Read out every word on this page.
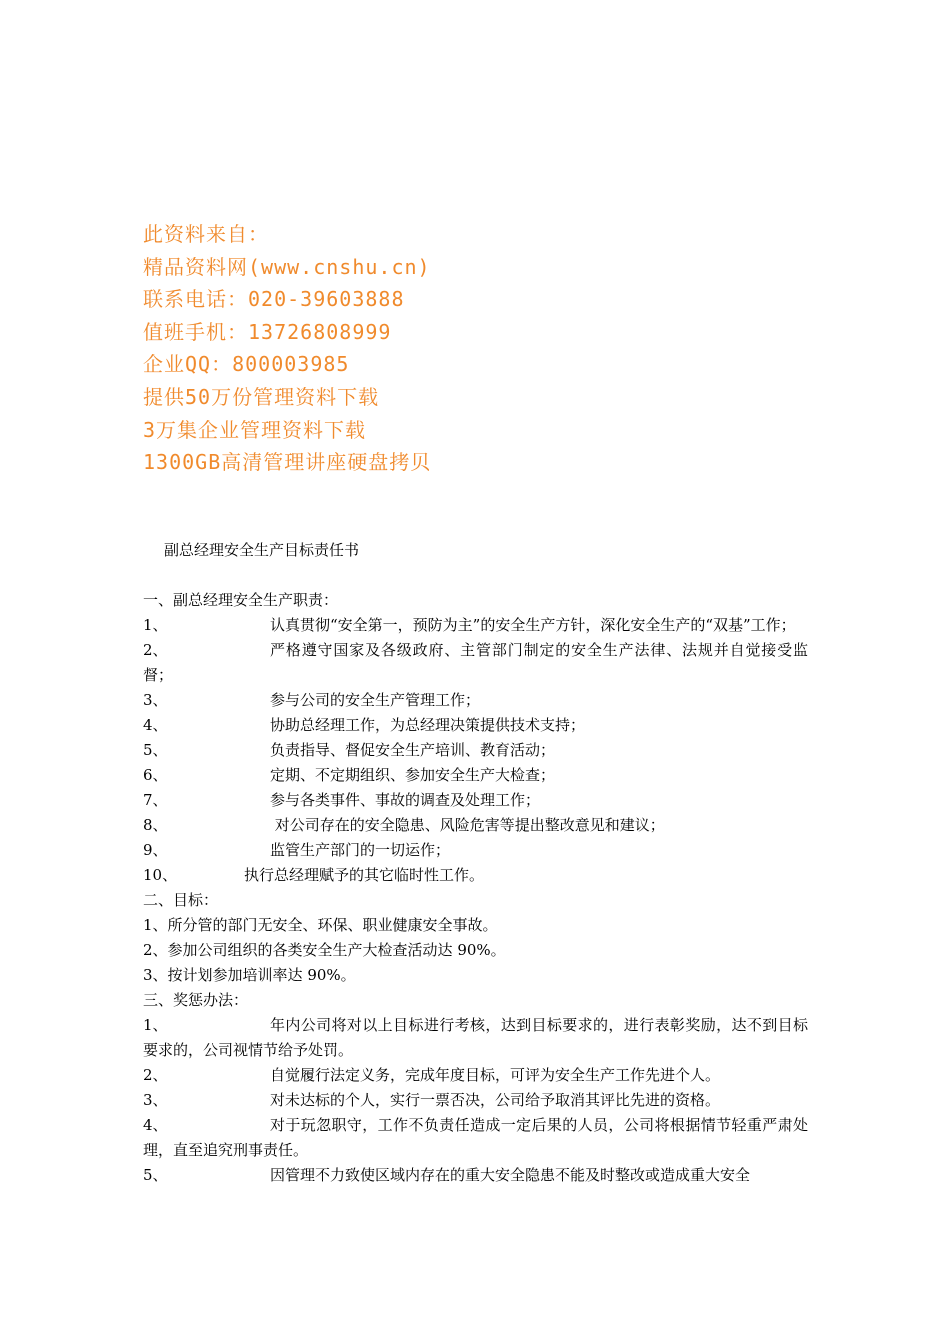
此资料来自：
精品资料网(www.cnshu.cn)
联系电话：020-39603888
值班手机：13726808999
企业QQ：800003985
提供50万份管理资料下载
3万集企业管理资料下载
1300GB高清管理讲座硬盘拷贝
副总经理安全生产目标责任书
一、副总经理安全生产职责：
1、	认真贯彻“安全第一，预防为主”的安全生产方针，深化安全生产的“双基”工作；
2、	严格遵守国家及各级政府、主管部门制定的安全生产法律、法规并自觉接受监督；
3、	参与公司的安全生产管理工作；
4、	协助总经理工作，为总经理决策提供技术支持；
5、	负责指导、督促安全生产培训、教育活动；
6、	定期、不定期组织、参加安全生产大检查；
7、	参与各类事件、事故的调查及处理工作；
8、	对公司存在的安全隐患、风险危害等提出整改意见和建议；
9、	监管生产部门的一切运作；
10、	执行总经理赋予的其它临时性工作。
二、目标：
1、所分管的部门无安全、环保、职业健康安全事故。
2、参加公司组织的各类安全生产大检查活动达 90%。
3、按计划参加培训率达 90%。
三、奖惩办法：
1、	年内公司将对以上目标进行考核，达到目标要求的，进行表彰奖励，达不到目标要求的，公司视情节给予处罚。
2、	自觉履行法定义务，完成年度目标，可评为安全生产工作先进个人。
3、	对未达标的个人，实行一票否决，公司给予取消其评比先进的资格。
4、	对于玩忽职守，工作不负责任造成一定后果的人员，公司将根据情节轻重严肃处理，直至追究刑事责任。
5、	因管理不力致使区域内存在的重大安全隐患不能及时整改或造成重大安全
